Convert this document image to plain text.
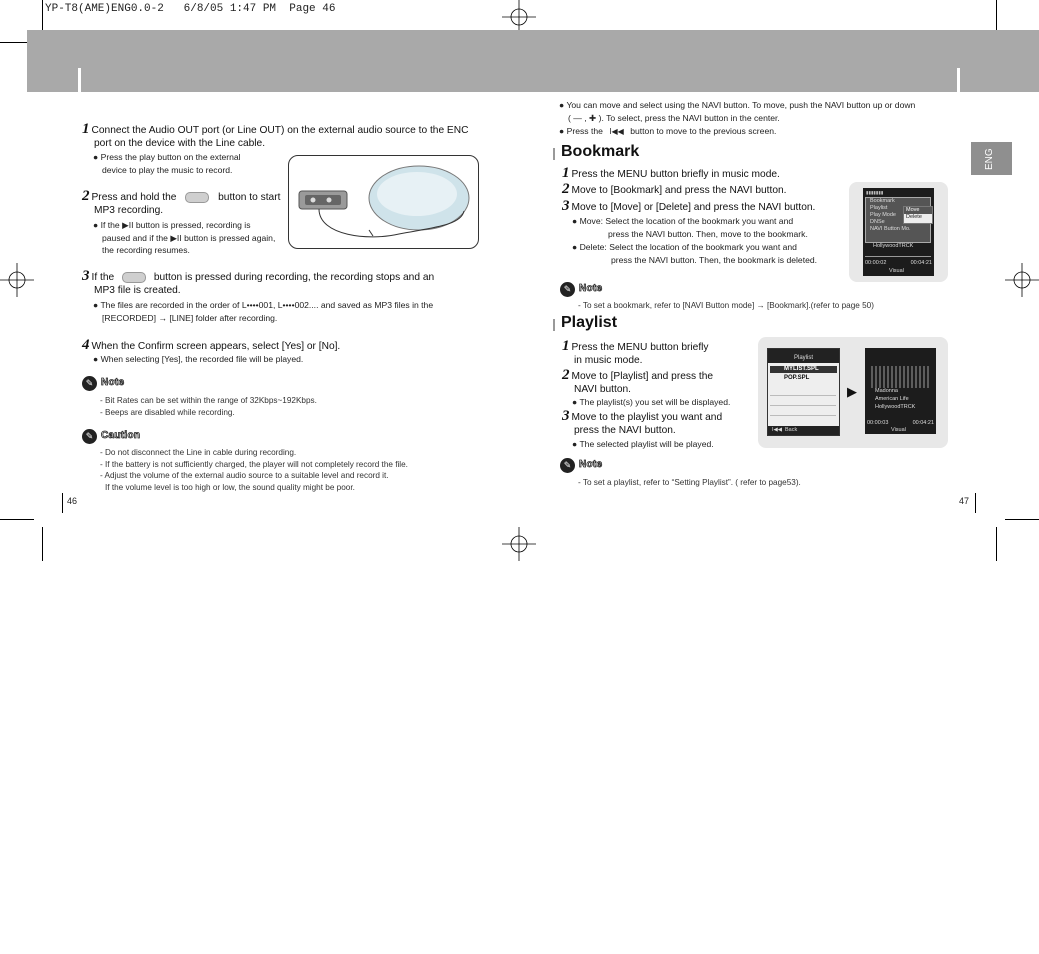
YP-T8(AME)ENG0.0-2   6/8/05 1:47 PM  Page 46
1 Connect the Audio OUT port (or Line OUT) on the external audio source to the ENC
port on the device with the Line cable.
● Press the play button on the external
device to play the music to record.
2 Press and hold the	button to start
MP3 recording.
● If the ▶II button is pressed, recording is
paused and if the ▶II button is pressed again,
the recording resumes.
3 If the	button is pressed during recording, the recording stops and an
MP3 file is created.
● The files are recorded in the order of L••••001, L••••002.... and saved as MP3 files in the
[RECORDED] → [LINE] folder after recording.
4 When the Confirm screen appears, select [Yes] or [No].
● When selecting [Yes], the recorded file will be played.
✎ Note
- Bit Rates can be set within the range of 32Kbps~192Kbps.
- Beeps are disabled while recording.
✎ Caution
- Do not disconnect the Line in cable during recording.
- If the battery is not sufficiently charged, the player will not completely record the file.
- Adjust the volume of the external audio source to a suitable level and record it.
If the volume level is too high or low, the sound quality might be poor.
46
● You can move and select using the NAVI button. To move, push the NAVI button up or down
( — , ✚ ). To select, press the NAVI button in the center.
● Press the I◀◀ button to move to the previous screen.
ENG
Bookmark
1 Press the MENU button briefly in music mode.
2 Move to [Bookmark] and press the NAVI button.
3 Move to [Move] or [Delete] and press the NAVI button.
● Move: Select the location of the bookmark you want and
press the NAVI button. Then, move to the bookmark.
● Delete: Select the location of the bookmark you want and
press the NAVI button. Then, the bookmark is deleted.
▮▮▮▮▮▮▮
Bookmark
Playlist
Play Mode
DNSe
NAVI Button Mo.
Move
Delete
HollywoodTRCK
00:00:02	00:04:21
Visual
✎ Note
- To set a bookmark, refer to [NAVI Button mode] → [Bookmark].(refer to page 50)
Playlist
1 Press the MENU button briefly
in music mode.
2 Move to [Playlist] and press the
NAVI button.
● The playlist(s) you set will be displayed.
3 Move to the playlist you want and
press the NAVI button.
● The selected playlist will be played.
Playlist
MYLIST.SPL
POP.SPL
I◀◀ Back
▶	Madonna
American Life
HollywoodTRCK
00:00:03	00:04:21
Visual
✎ Note
- To set a playlist, refer to “Setting Playlist”. ( refer to page53).
47
